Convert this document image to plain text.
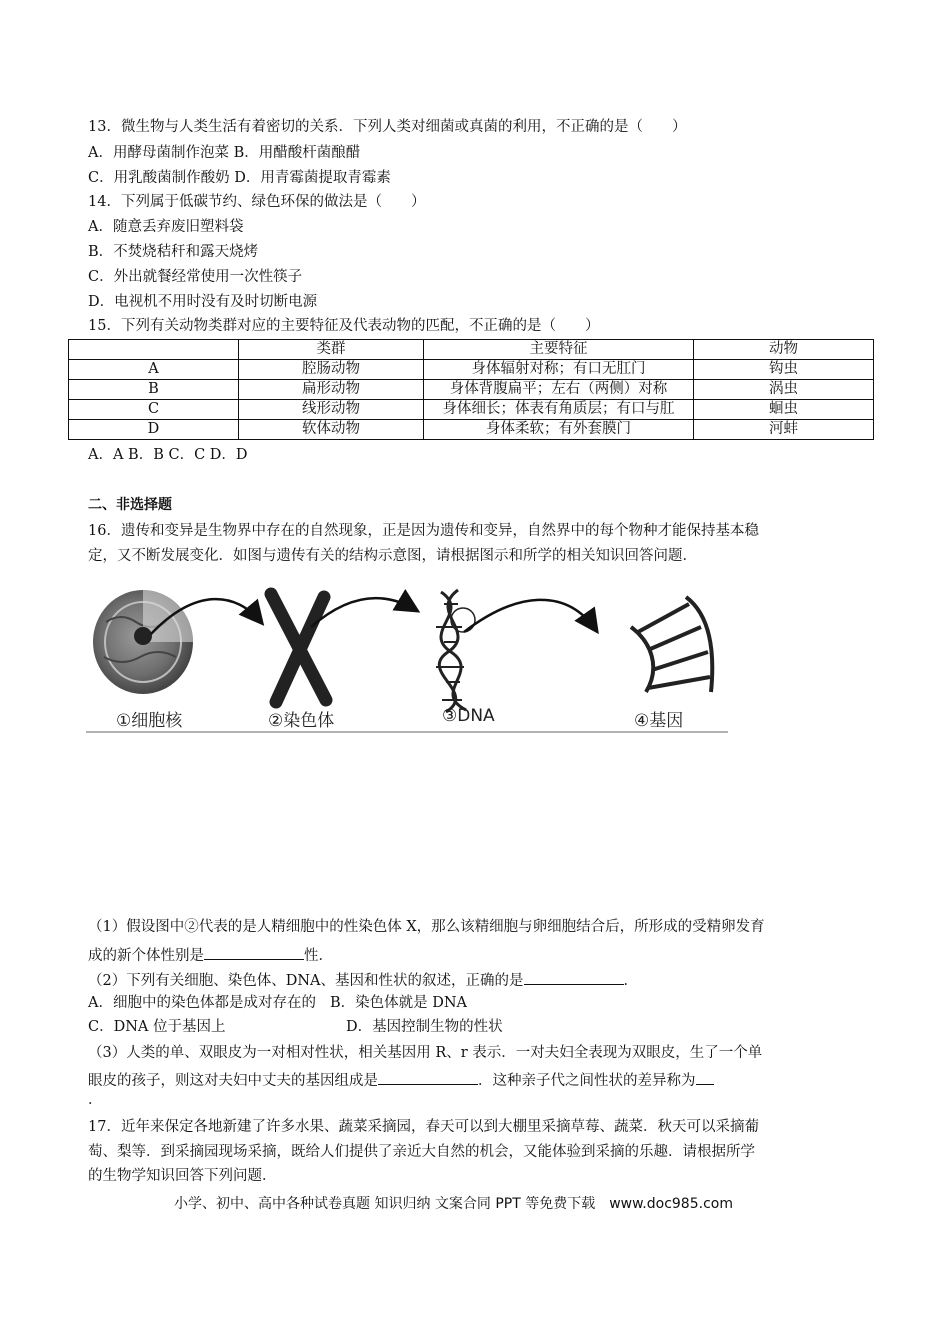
13．微生物与人类生活有着密切的关系．下列人类对细菌或真菌的利用，不正确的是（　　）
A．用酵母菌制作泡菜 B．用醋酸杆菌酿醋
C．用乳酸菌制作酸奶 D．用青霉菌提取青霉素
14．下列属于低碳节约、绿色环保的做法是（　　）
A．随意丢弃废旧塑料袋
B．不焚烧秸秆和露天烧烤
C．外出就餐经常使用一次性筷子
D．电视机不用时没有及时切断电源
15．下列有关动物类群对应的主要特征及代表动物的匹配，不正确的是（　　）
	类群	主要特征	动物
A	腔肠动物	身体辐射对称；有口无肛门	钩虫
B	扁形动物	身体背腹扁平；左右（两侧）对称	涡虫
C	线形动物	身体细长；体表有角质层；有口与肛	蛔虫
D	软体动物	身体柔软；有外套膜门	河蚌
A．A B．B C．C D．D
二、非选择题
16．遗传和变异是生物界中存在的自然现象，正是因为遗传和变异，自然界中的每个物种才能保持基本稳
定，又不断发展变化．如图与遗传有关的结构示意图，请根据图示和所学的相关知识回答问题．
①细胞核	②染色体	③DNA	④基因
（1）假设图中②代表的是人精细胞中的性染色体 X，那么该精细胞与卵细胞结合后，所形成的受精卵发育
成的新个体性别是	性．
（2）下列有关细胞、染色体、DNA、基因和性状的叙述，正确的是	．
A．细胞中的染色体都是成对存在的 B．染色体就是 DNA
C．DNA 位于基因上	D．基因控制生物的性状
（3）人类的单、双眼皮为一对相对性状，相关基因用 R、r 表示．一对夫妇全表现为双眼皮，生了一个单
眼皮的孩子，则这对夫妇中丈夫的基因组成是	．这种亲子代之间性状的差异称为
．
17．近年来保定各地新建了许多水果、蔬菜采摘园，春天可以到大棚里采摘草莓、蔬菜．秋天可以采摘葡
萄、梨等．到采摘园现场采摘，既给人们提供了亲近大自然的机会，又能体验到采摘的乐趣．请根据所学
的生物学知识回答下列问题．
小学、初中、高中各种试卷真题 知识归纳 文案合同 PPT 等免费下载　www.doc985.com
